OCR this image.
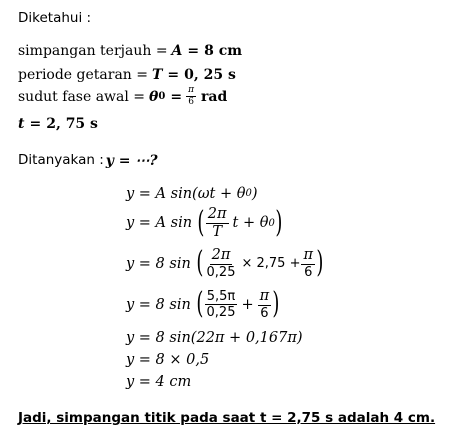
Diketahui :
simpangan terjauh = A = 8 cm
periode getaran = T = 0, 25 s
sudut fase awal = θ $0 = \frac{\pi}{6}$ rad
t = 2, 75 s
Ditanyakan : y = ⋯?
y = A sin(ωt + θ 0 )
y = A sin ( $\frac{2\pi}{T}$ t + θ 0 )
y = 8 sin ( $\frac{2\pi}{0,25} \times 2,75 + \frac{\pi}{6}$ )
y = 8 sin ( $\frac{5,5\pi}{0,25} + \frac{\pi}{6}$ )
y = 8 sin(22π + 0,167π)
y = 8 × 0,5
y = 4 cm
Jadi, simpangan titik pada saat t = 2,75 s adalah 4 cm.
